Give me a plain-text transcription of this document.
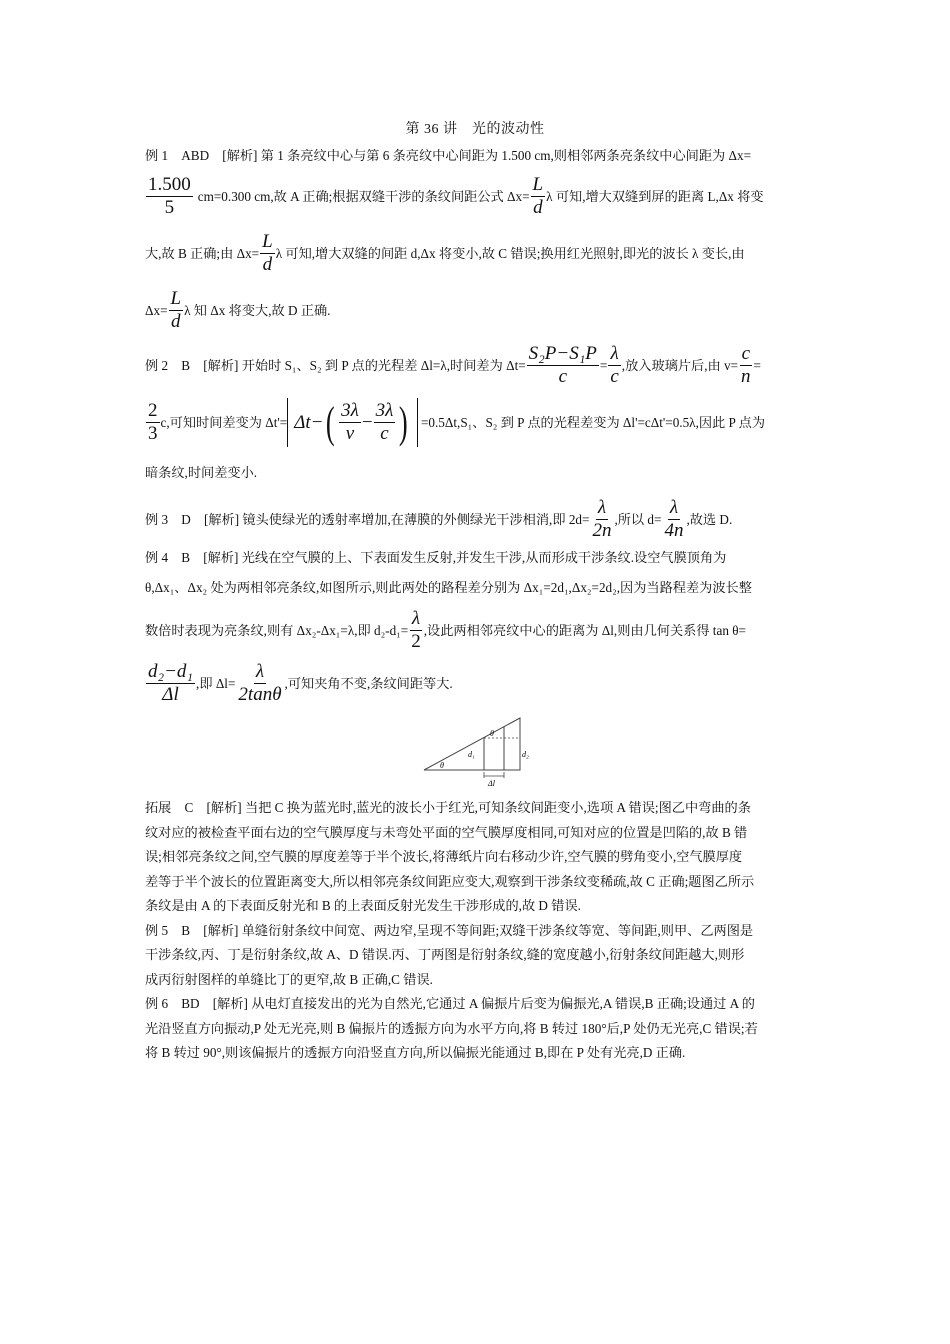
第 36 讲　光的波动性
例 1　ABD　[解析] 第 1 条亮纹中心与第 6 条亮纹中心间距为 1.500 cm,则相邻两条亮条纹中心间距为 Δx=
$\frac{1.500}{5} cm=0.300$ cm,故 A 正确;根据双缝干涉的条纹间距公式 $\Delta x= \frac{L}{d}$ λ 可知,增大双缝到屏的距离 L,Δx 将变
大,故 B 正确;由 $\Delta x= \frac{L}{d}$ λ 可知,增大双缝的间距 d,Δx 将变小,故 C 错误;换用红光照射,即光的波长 λ 变长,由
$\Delta x= \frac{L}{d}$ λ 知 Δx 将变大,故 D 正确.
例 2　B　[解析] 开始时 S₁、S₂ 到 P 点的光程差 Δl=λ,时间差为 $\Delta t= \frac{\text{S₂P−S₁P}}{c} = \frac{\lambda}{c}$ ,放入玻璃片后,由 $v= \frac{c}{n}$ =
$\frac{2}{3} c$,可知时间差变为 Δt'= Δt− ( $\frac{3\lambda}{v} - \frac{3\lambda}{c}$ ) =0.5Δt,S₁、S₂ 到 P 点的光程差变为 Δl'=cΔt'=0.5λ,因此 P 点为
暗条纹,时间差变小.
例 3　D　[解析] 镜头使绿光的透射率增加,在薄膜的外侧绿光干涉相消,即 $2d= \frac{\lambda}{2n}$ ,所以 $d= \frac{\lambda}{4n}$ ,故选 D.
例 4　B　[解析] 光线在空气膜的上、下表面发生反射,并发生干涉,从而形成干涉条纹.设空气膜顶角为
θ,Δx₁、Δx₂ 处为两相邻亮条纹,如图所示,则此两处的路程差分别为 Δx₁=2d₁,Δx₂=2d₂,因为当路程差为波长整
数倍时表现为亮条纹,则有 Δx₂-Δx₁=λ,即 $d_2-d_1= \frac{\lambda}{2}$ ,设此两相邻亮纹中心的距离为 Δl,则由几何关系得 tan θ=
$\frac{\text{d₂−d₁}}{\Delta l}$ ,即 $\Delta l= \frac{\lambda}{2\tan\theta}$ ,可知夹角不变,条纹间距等大.
θ
θ
d₁	d₂
Δl
拓展　C　[解析] 当把 C 换为蓝光时,蓝光的波长小于红光,可知条纹间距变小,选项 A 错误;图乙中弯曲的条
纹对应的被检查平面右边的空气膜厚度与未弯处平面的空气膜厚度相同,可知对应的位置是凹陷的,故 B 错
误;相邻亮条纹之间,空气膜的厚度差等于半个波长,将薄纸片向右移动少许,空气膜的劈角变小,空气膜厚度
差等于半个波长的位置距离变大,所以相邻亮条纹间距应变大,观察到干涉条纹变稀疏,故 C 正确;题图乙所示
条纹是由 A 的下表面反射光和 B 的上表面反射光发生干涉形成的,故 D 错误.
例 5　B　[解析] 单缝衍射条纹中间宽、两边窄,呈现不等间距;双缝干涉条纹等宽、等间距,则甲、乙两图是
干涉条纹,丙、丁是衍射条纹,故 A、D 错误.丙、丁两图是衍射条纹,缝的宽度越小,衍射条纹间距越大,则形
成丙衍射图样的单缝比丁的更窄,故 B 正确,C 错误.
例 6　BD　[解析] 从电灯直接发出的光为自然光,它通过 A 偏振片后变为偏振光,A 错误,B 正确;设通过 A 的
光沿竖直方向振动,P 处无光亮,则 B 偏振片的透振方向为水平方向,将 B 转过 180°后,P 处仍无光亮,C 错误;若
将 B 转过 90°,则该偏振片的透振方向沿竖直方向,所以偏振光能通过 B,即在 P 处有光亮,D 正确.
